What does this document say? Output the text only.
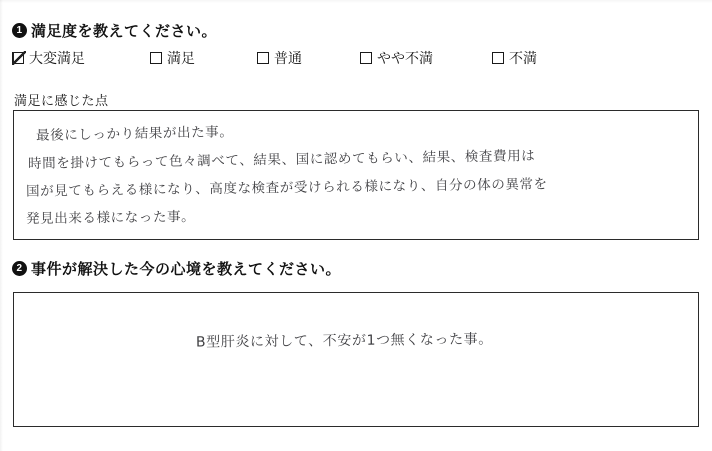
1 満足度を教えてください。
大変満足	満足	普通	やや不満	不満
満足に感じた点
最後にしっかり結果が出た事。
時間を掛けてもらって色々調べて、結果、国に認めてもらい、結果、検査費用は
国が見てもらえる様になり、高度な検査が受けられる様になり、自分の体の異常を
発見出来る様になった事。
2 事件が解決した今の心境を教えてください。
B型肝炎に対して、不安が1つ無くなった事。
